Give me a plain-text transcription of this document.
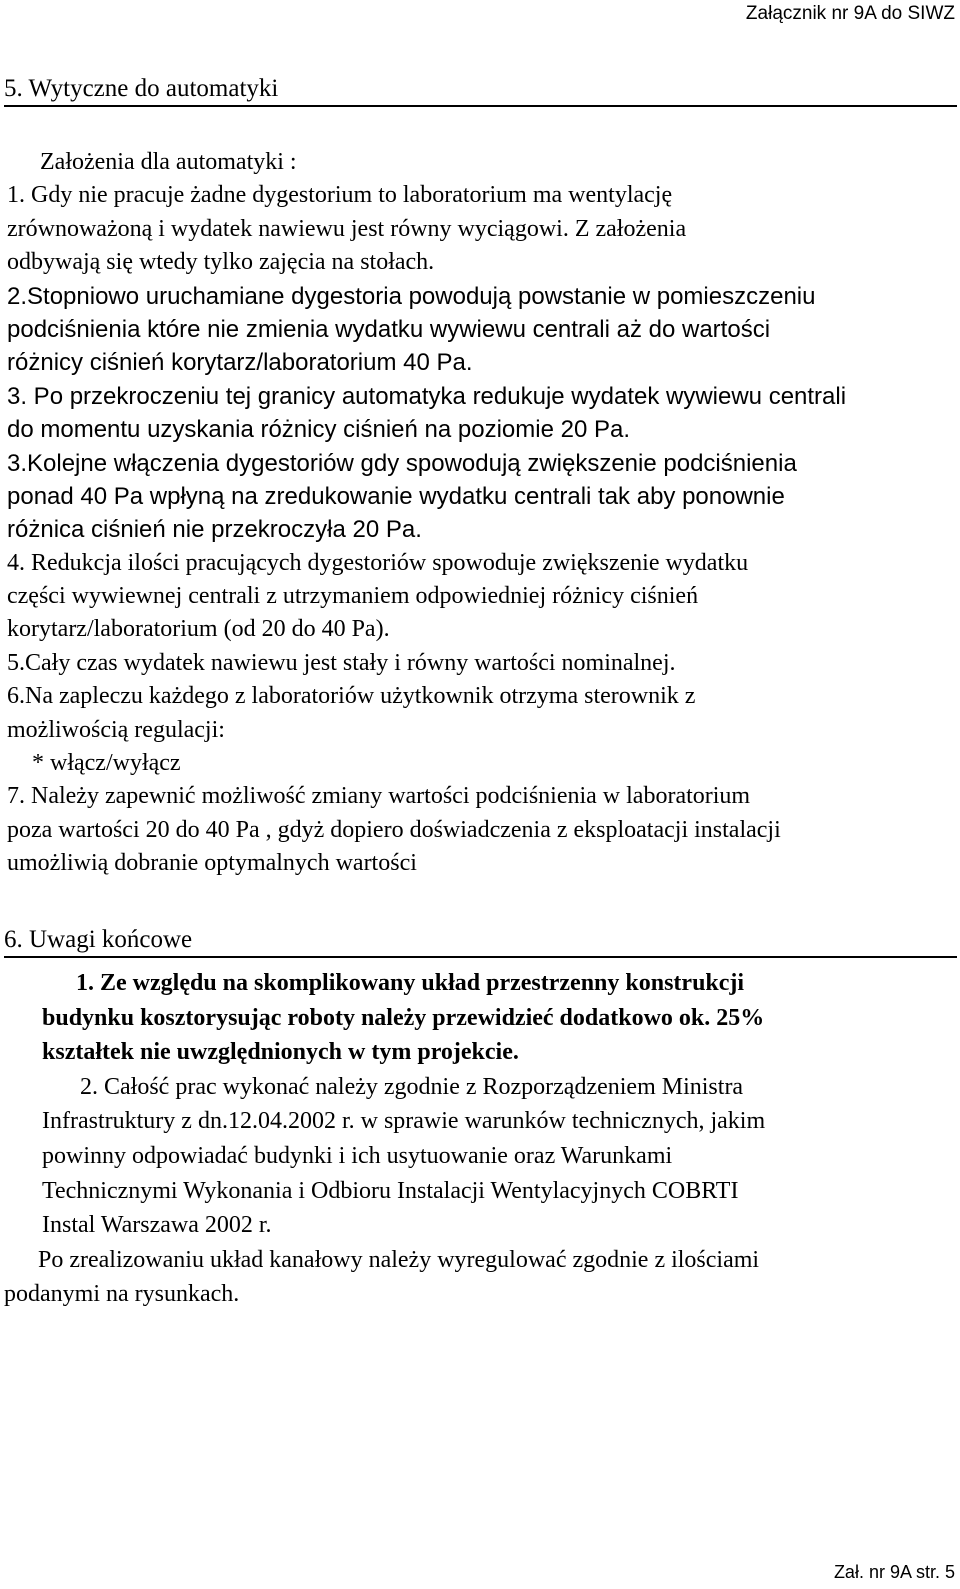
Załącznik nr 9A do SIWZ
5. Wytyczne do automatyki
Założenia dla automatyki :
1. Gdy nie pracuje żadne dygestorium to laboratorium ma wentylację
zrównoważoną i wydatek nawiewu jest równy wyciągowi. Z założenia
odbywają się wtedy tylko zajęcia na stołach.
2.Stopniowo uruchamiane dygestoria powodują powstanie w pomieszczeniu
podciśnienia które nie zmienia wydatku wywiewu centrali aż do wartości
różnicy ciśnień korytarz/laboratorium 40 Pa.
3. Po przekroczeniu tej granicy automatyka redukuje wydatek wywiewu centrali
do momentu uzyskania różnicy ciśnień na poziomie 20 Pa.
3.Kolejne włączenia dygestoriów gdy spowodują zwiększenie podciśnienia
ponad 40 Pa wpłyną na zredukowanie wydatku centrali tak aby ponownie
różnica ciśnień nie przekroczyła 20 Pa.
4. Redukcja ilości pracujących dygestoriów spowoduje zwiększenie wydatku
części wywiewnej centrali z utrzymaniem odpowiedniej różnicy ciśnień
korytarz/laboratorium (od 20 do 40 Pa).
5.Cały czas wydatek nawiewu jest stały i równy wartości nominalnej.
6.Na zapleczu każdego z laboratoriów użytkownik otrzyma sterownik z
możliwością regulacji:
* włącz/wyłącz
7. Należy zapewnić możliwość zmiany wartości podciśnienia w laboratorium
poza wartości 20 do 40 Pa , gdyż dopiero doświadczenia z eksploatacji instalacji
umożliwią dobranie optymalnych wartości
6. Uwagi końcowe
1. Ze względu na skomplikowany układ przestrzenny konstrukcji
budynku kosztorysując roboty należy przewidzieć dodatkowo ok. 25%
kształtek nie uwzględnionych w tym projekcie.
2. Całość prac wykonać należy zgodnie z Rozporządzeniem Ministra
Infrastruktury z dn.12.04.2002 r. w sprawie warunków technicznych, jakim
powinny odpowiadać budynki i ich usytuowanie oraz Warunkami
Technicznymi Wykonania i Odbioru Instalacji Wentylacyjnych COBRTI
Instal Warszawa 2002 r.
Po zrealizowaniu układ kanałowy należy wyregulować zgodnie z ilościami
podanymi na rysunkach.
Zał. nr 9A str. 5
